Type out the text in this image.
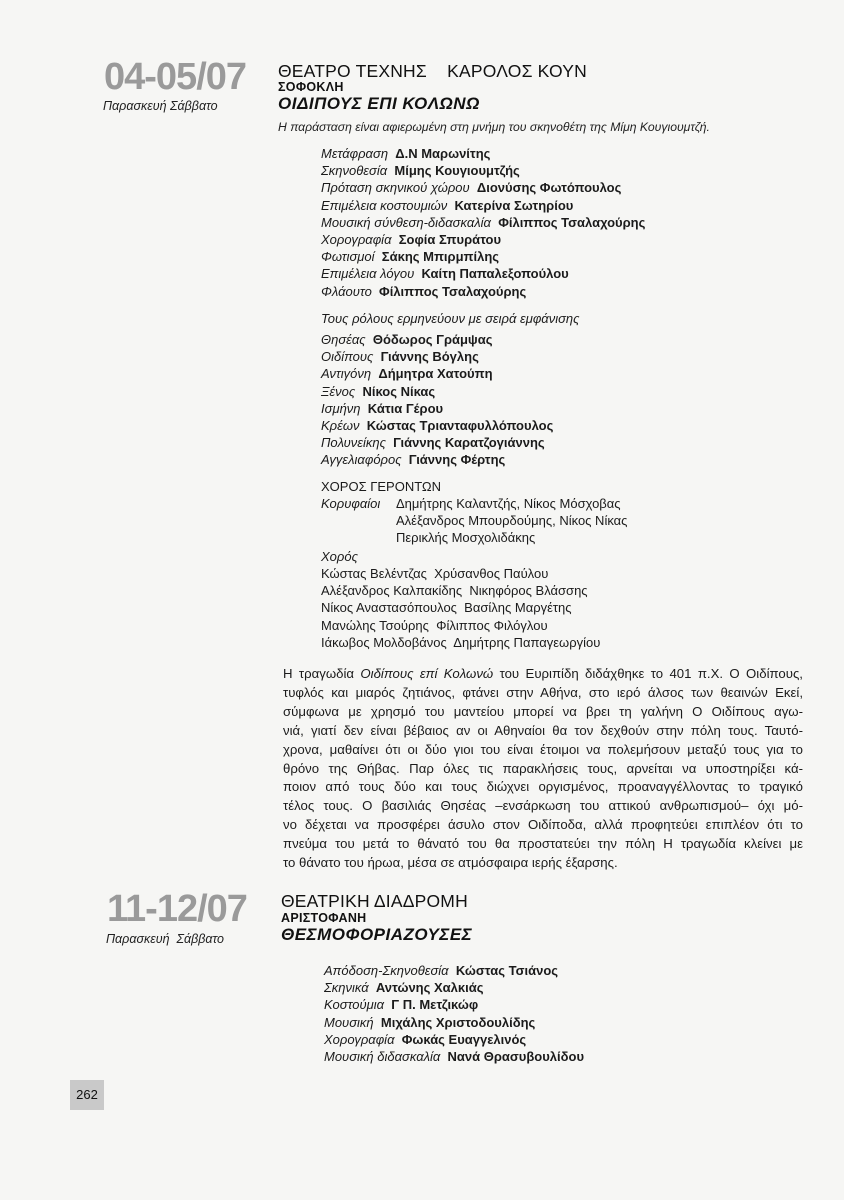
04-05/07
Παρασκευή Σάββατο
ΘΕΑΤΡΟ ΤΕΧΝΗΣ    ΚΑΡΟΛΟΣ ΚΟΥΝ
ΣΟΦΟΚΛΗ
ΟΙΔΙΠΟΥΣ ΕΠΙ ΚΟΛΩΝΩ
Η παράσταση είναι αφιερωμένη στη μνήμη του σκηνοθέτη της Μίμη Κουγιουμτζή.
Μετάφραση Δ.Ν Μαρωνίτης
Σκηνοθεσία Μίμης Κουγιουμτζής
Πρόταση σκηνικού χώρου Διονύσης Φωτόπουλος
Επιμέλεια κοστουμιών Κατερίνα Σωτηρίου
Μουσική σύνθεση-διδασκαλία Φίλιππος Τσαλαχούρης
Χορογραφία Σοφία Σπυράτου
Φωτισμοί Σάκης Μπιρμπίλης
Επιμέλεια λόγου Καίτη Παπαλεξοπούλου
Φλάουτο Φίλιππος Τσαλαχούρης
Τους ρόλους ερμηνεύουν με σειρά εμφάνισης
Θησέας Θόδωρος Γράμψας
Οιδίπους Γιάννης Βόγλης
Αντιγόνη Δήμητρα Χατούπη
Ξένος Νίκος Νίκας
Ισμήνη Κάτια Γέρου
Κρέων Κώστας Τριανταφυλλόπουλος
Πολυνείκης Γιάννης Καρατζογιάννης
Αγγελιαφόρος Γιάννης Φέρτης
ΧΟΡΟΣ ΓΕΡΟΝΤΩΝ
Κορυφαίοι Δημήτρης Καλαντζής, Νίκος Μόσχοβας
Αλέξανδρος Μπουρδούμης, Νίκος Νίκας
Περικλής Μοσχολιδάκης
Χορός
Κώστας Βελέντζας  Χρύσανθος Παύλου
Αλέξανδρος Καλπακίδης  Νικηφόρος Βλάσσης
Νίκος Αναστασόπουλος  Βασίλης Μαργέτης
Μανώλης Τσούρης  Φίλιππος Φιλόγλου
Ιάκωβος Μολδοβάνος  Δημήτρης Παπαγεωργίου
Η τραγωδία Οιδίπους επί Κολωνώ του Ευριπίδη διδάχθηκε το 401 π.Χ. Ο Οιδίπους,
τυφλός και μιαρός ζητιάνος, φτάνει στην Αθήνα, στο ιερό άλσος των θεαινών Εκεί,
σύμφωνα με χρησμό του μαντείου μπορεί να βρει τη γαλήνη Ο Οιδίπους αγω-
νιά, γιατί δεν είναι βέβαιος αν οι Αθηναίοι θα τον δεχθούν στην πόλη τους. Ταυτό-
χρονα, μαθαίνει ότι οι δύο γιοι του είναι έτοιμοι να πολεμήσουν μεταξύ τους για το
θρόνο της Θήβας. Παρ όλες τις παρακλήσεις τους, αρνείται να υποστηρίξει κά-
ποιον από τους δύο και τους διώχνει οργισμένος, προαναγγέλλοντας το τραγικό
τέλος τους. Ο βασιλιάς Θησέας –ενσάρκωση του αττικού ανθρωπισμού– όχι μό-
νο δέχεται να προσφέρει άσυλο στον Οιδίποδα, αλλά προφητεύει επιπλέον ότι το
πνεύμα του μετά το θάνατό του θα προστατεύει την πόλη Η τραγωδία κλείνει με
το θάνατο του ήρωα, μέσα σε ατμόσφαιρα ιερής έξαρσης.
11-12/07
Παρασκευή  Σάββατο
ΘΕΑΤΡΙΚΗ ΔΙΑΔΡΟΜΗ
ΑΡΙΣΤΟΦΑΝΗ
ΘΕΣΜΟΦΟΡΙΑΖΟΥΣΕΣ
Απόδοση-Σκηνοθεσία Κώστας Τσιάνος
Σκηνικά Αντώνης Χαλκιάς
Κοστούμια Γ Π. Μετζικώφ
Μουσική Μιχάλης Χριστοδουλίδης
Χορογραφία Φωκάς Ευαγγελινός
Μουσική διδασκαλία Νανά Θρασυβουλίδου
262
